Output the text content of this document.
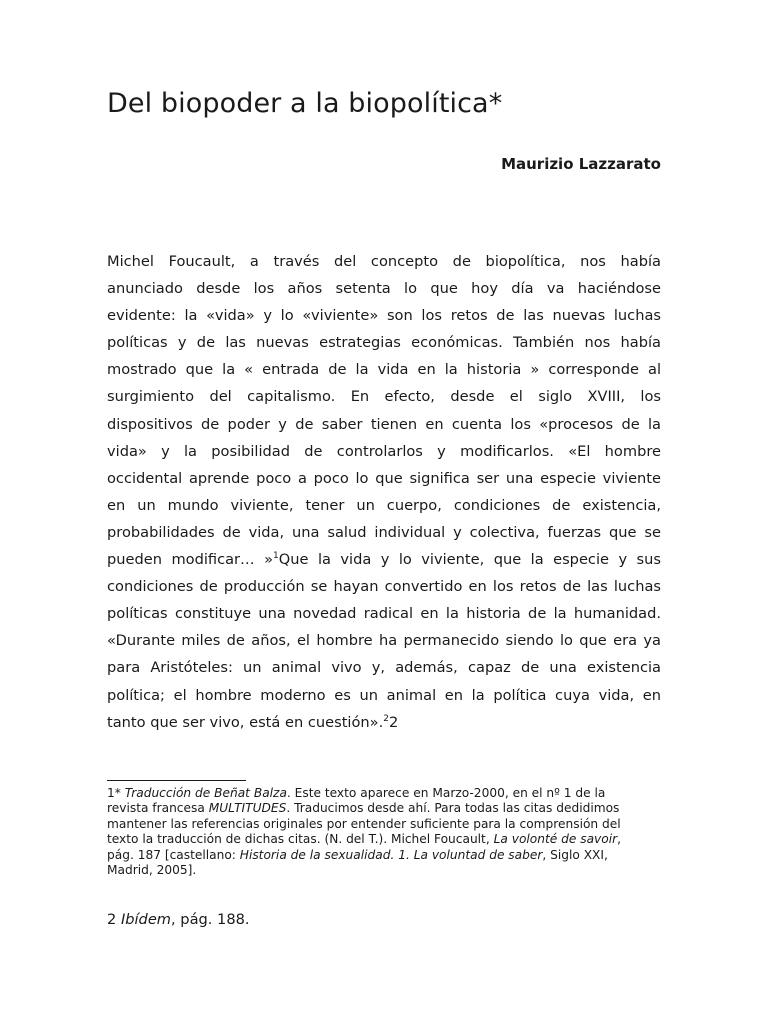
Del biopoder a la biopolítica*
Maurizio Lazzarato
Michel Foucault, a través del concepto de biopolítica, nos había
anunciado desde los años setenta lo que hoy día va haciéndose
evidente: la «vida» y lo «viviente» son los retos de las nuevas luchas
políticas y de las nuevas estrategias económicas. También nos había
mostrado que la « entrada de la vida en la historia » corresponde al
surgimiento del capitalismo. En efecto, desde el siglo XVIII, los
dispositivos de poder y de saber tienen en cuenta los «procesos de la
vida» y la posibilidad de controlarlos y modificarlos. «El hombre
occidental aprende poco a poco lo que significa ser una especie viviente
en un mundo viviente, tener un cuerpo, condiciones de existencia,
probabilidades de vida, una salud individual y colectiva, fuerzas que se
pueden modificar… »$^1$Que la vida y lo viviente, que la especie y sus
condiciones de producción se hayan convertido en los retos de las luchas
políticas constituye una novedad radical en la historia de la humanidad.
«Durante miles de años, el hombre ha permanecido siendo lo que era ya
para Aristóteles: un animal vivo y, además, capaz de una existencia
política; el hombre moderno es un animal en la política cuya vida, en
tanto que ser vivo, está en cuestión».$^2$2
1* Traducción de Beñat Balza. Este texto aparece en Marzo-2000, en el nº 1 de la
revista francesa MULTITUDES. Traducimos desde ahí. Para todas las citas dedidimos
mantener las referencias originales por entender suficiente para la comprensión del
texto la traducción de dichas citas. (N. del T.). Michel Foucault, La volonté de savoir,
pág. 187 [castellano: Historia de la sexualidad. 1. La voluntad de saber, Siglo XXI,
Madrid, 2005].
2 Ibídem, pág. 188.
